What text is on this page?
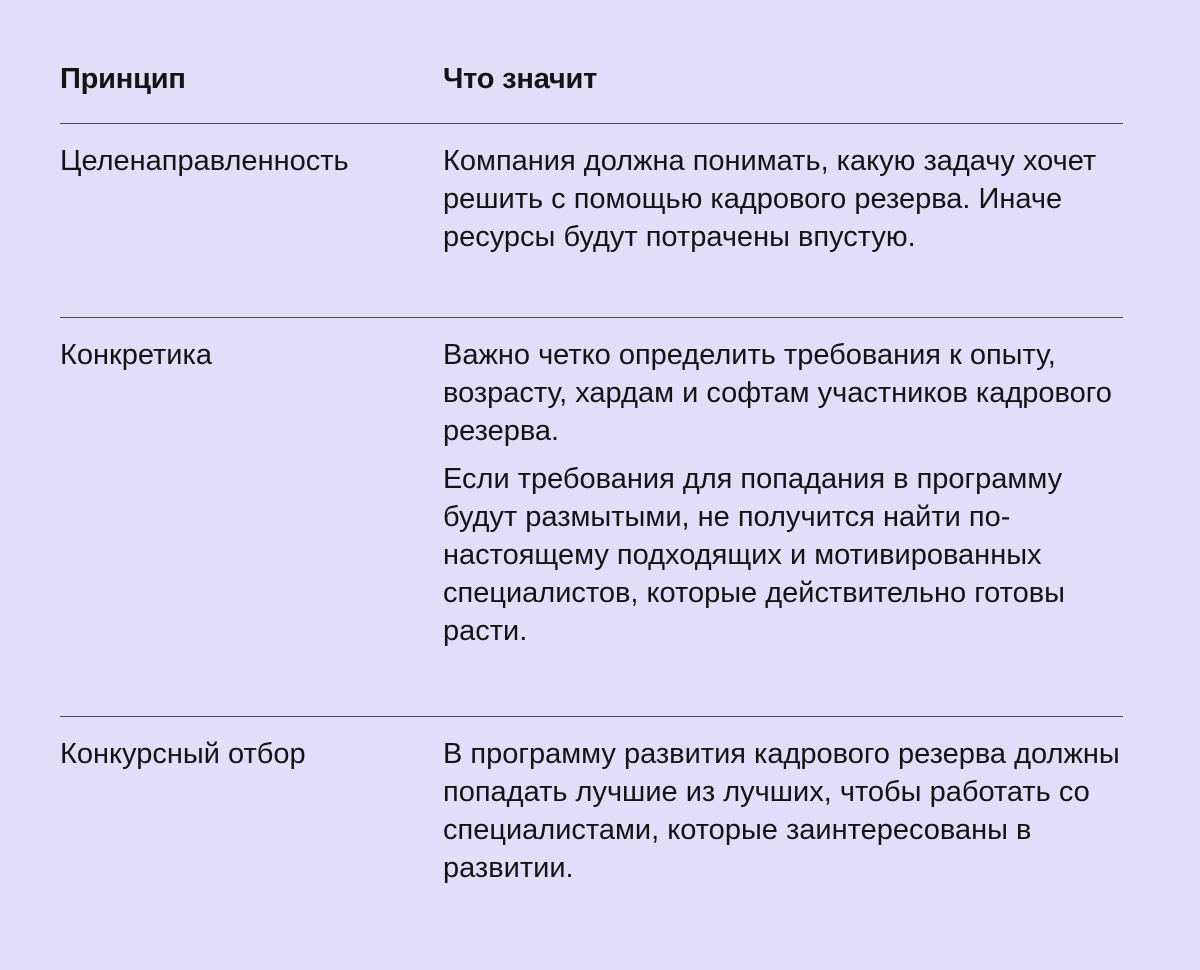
Принцип	Что значит
Целенаправленность	Компания должна понимать, какую задачу хочет решить с помощью кадрового резерва. Иначе ресурсы будут потрачены впустую.

Конкретика	Важно четко определить требования к опыту, возрасту, хардам и софтам участников кадрового резерва.

Если требования для попадания в программу будут размытыми, не получится найти по-настоящему подходящих и мотивированных специалистов, которые действительно готовы расти.

Конкурсный отбор	В программу развития кадрового резерва должны попадать лучшие из лучших, чтобы работать со специалистами, которые заинтересованы в развитии.
